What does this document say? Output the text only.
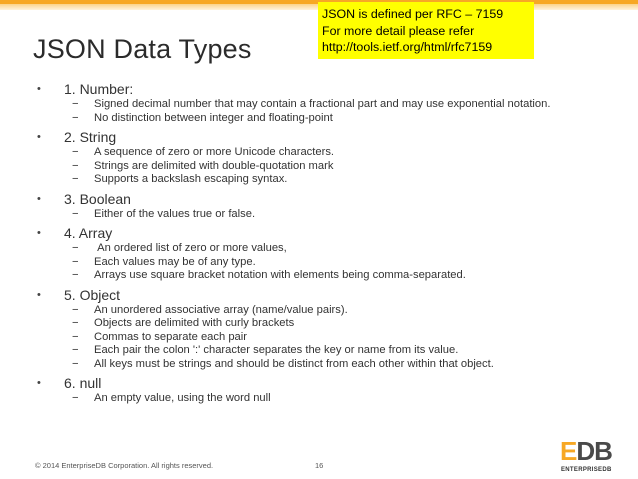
JSON Data Types
JSON is defined per RFC – 7159
For more detail please refer
http://tools.ietf.org/html/rfc7159
• 1. Number:
− Signed decimal number that may contain a fractional part and may use exponential notation.
− No distinction between integer and floating-point
• 2. String
− A sequence of zero or more Unicode characters.
− Strings are delimited with double-quotation mark
− Supports a backslash escaping syntax.
• 3. Boolean
− Either of the values true or false.
• 4. Array
− An ordered list of zero or more values,
− Each values may be of any type.
− Arrays use square bracket notation with elements being comma-separated.
• 5. Object
− An unordered associative array (name/value pairs).
− Objects are delimited with curly brackets
− Commas to separate each pair
− Each pair the colon ':' character separates the key or name from its value.
− All keys must be strings and should be distinct from each other within that object.
• 6. null
− An empty value, using the word null
© 2014 EnterpriseDB Corporation. All rights reserved.	16	EDB
ENTERPRISEDB
